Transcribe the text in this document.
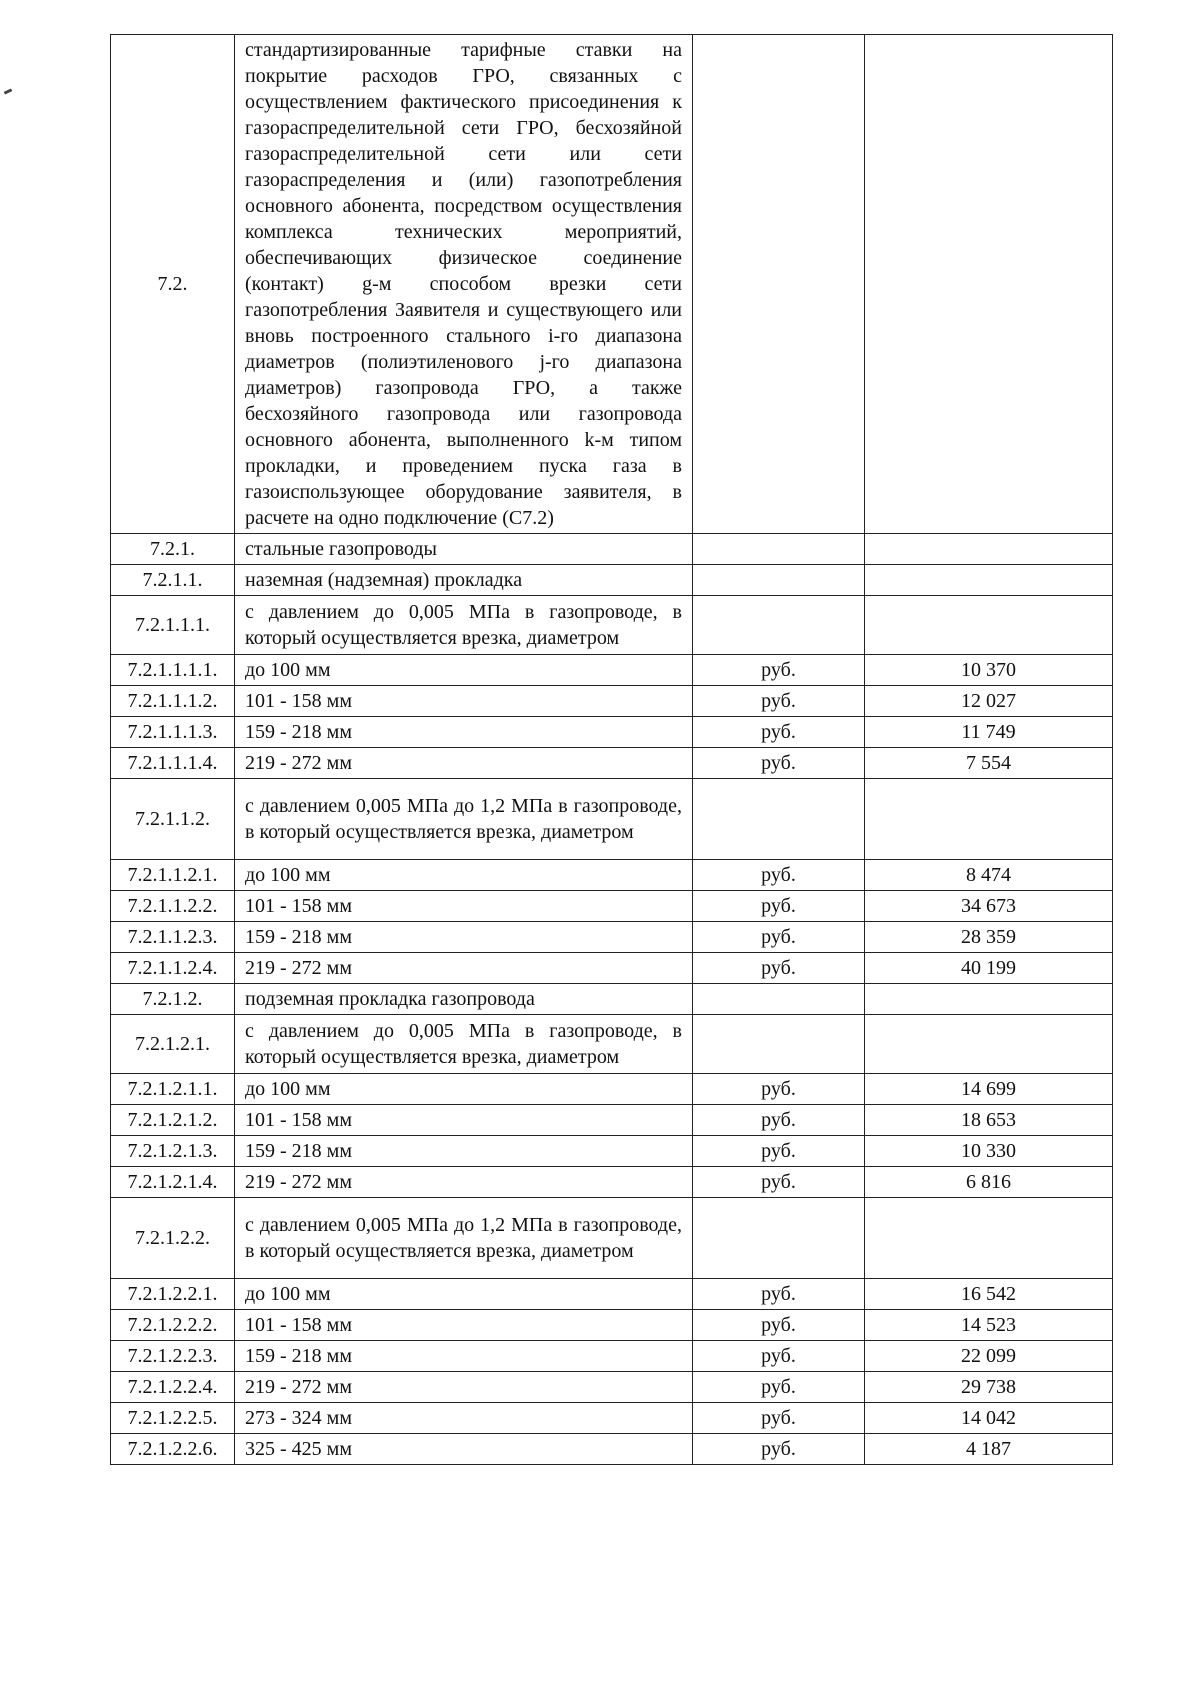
7.2.	стандартизированные тарифные ставки на покрытие расходов ГРО, связанных с осуществлением фактического присоединения к газораспределительной сети ГРО, бесхозяйной газораспределительной сети или сети газораспределения и (или) газопотребления основного абонента, посредством осуществления комплекса технических мероприятий, обеспечивающих физическое соединение (контакт) g-м способом врезки сети газопотребления Заявителя и существующего или вновь построенного стального i-го диапазона диаметров (полиэтиленового j-го диапазона диаметров) газопровода ГРО, а также бесхозяйного газопровода или газопровода основного абонента, выполненного k-м типом прокладки, и проведением пуска газа в газоиспользующее оборудование заявителя, в расчете на одно подключение (С7.2)		
7.2.1.	стальные газопроводы		
7.2.1.1.	наземная (надземная) прокладка		
7.2.1.1.1.	с давлением до 0,005 МПа в газопроводе, в который осуществляется врезка, диаметром		
7.2.1.1.1.1.	до 100 мм	руб.	10 370
7.2.1.1.1.2.	101 - 158 мм	руб.	12 027
7.2.1.1.1.3.	159 - 218 мм	руб.	11 749
7.2.1.1.1.4.	219 - 272 мм	руб.	7 554
7.2.1.1.2.	с давлением 0,005 МПа до 1,2 МПа в газопроводе, в который осуществляется врезка, диаметром		
7.2.1.1.2.1.	до 100 мм	руб.	8 474
7.2.1.1.2.2.	101 - 158 мм	руб.	34 673
7.2.1.1.2.3.	159 - 218 мм	руб.	28 359
7.2.1.1.2.4.	219 - 272 мм	руб.	40 199
7.2.1.2.	подземная прокладка газопровода		
7.2.1.2.1.	с давлением до 0,005 МПа в газопроводе, в который осуществляется врезка, диаметром		
7.2.1.2.1.1.	до 100 мм	руб.	14 699
7.2.1.2.1.2.	101 - 158 мм	руб.	18 653
7.2.1.2.1.3.	159 - 218 мм	руб.	10 330
7.2.1.2.1.4.	219 - 272 мм	руб.	6 816
7.2.1.2.2.	с давлением 0,005 МПа до 1,2 МПа в газопроводе, в который осуществляется врезка, диаметром		
7.2.1.2.2.1.	до 100 мм	руб.	16 542
7.2.1.2.2.2.	101 - 158 мм	руб.	14 523
7.2.1.2.2.3.	159 - 218 мм	руб.	22 099
7.2.1.2.2.4.	219 - 272 мм	руб.	29 738
7.2.1.2.2.5.	273 - 324 мм	руб.	14 042
7.2.1.2.2.6.	325 - 425 мм	руб.	4 187
